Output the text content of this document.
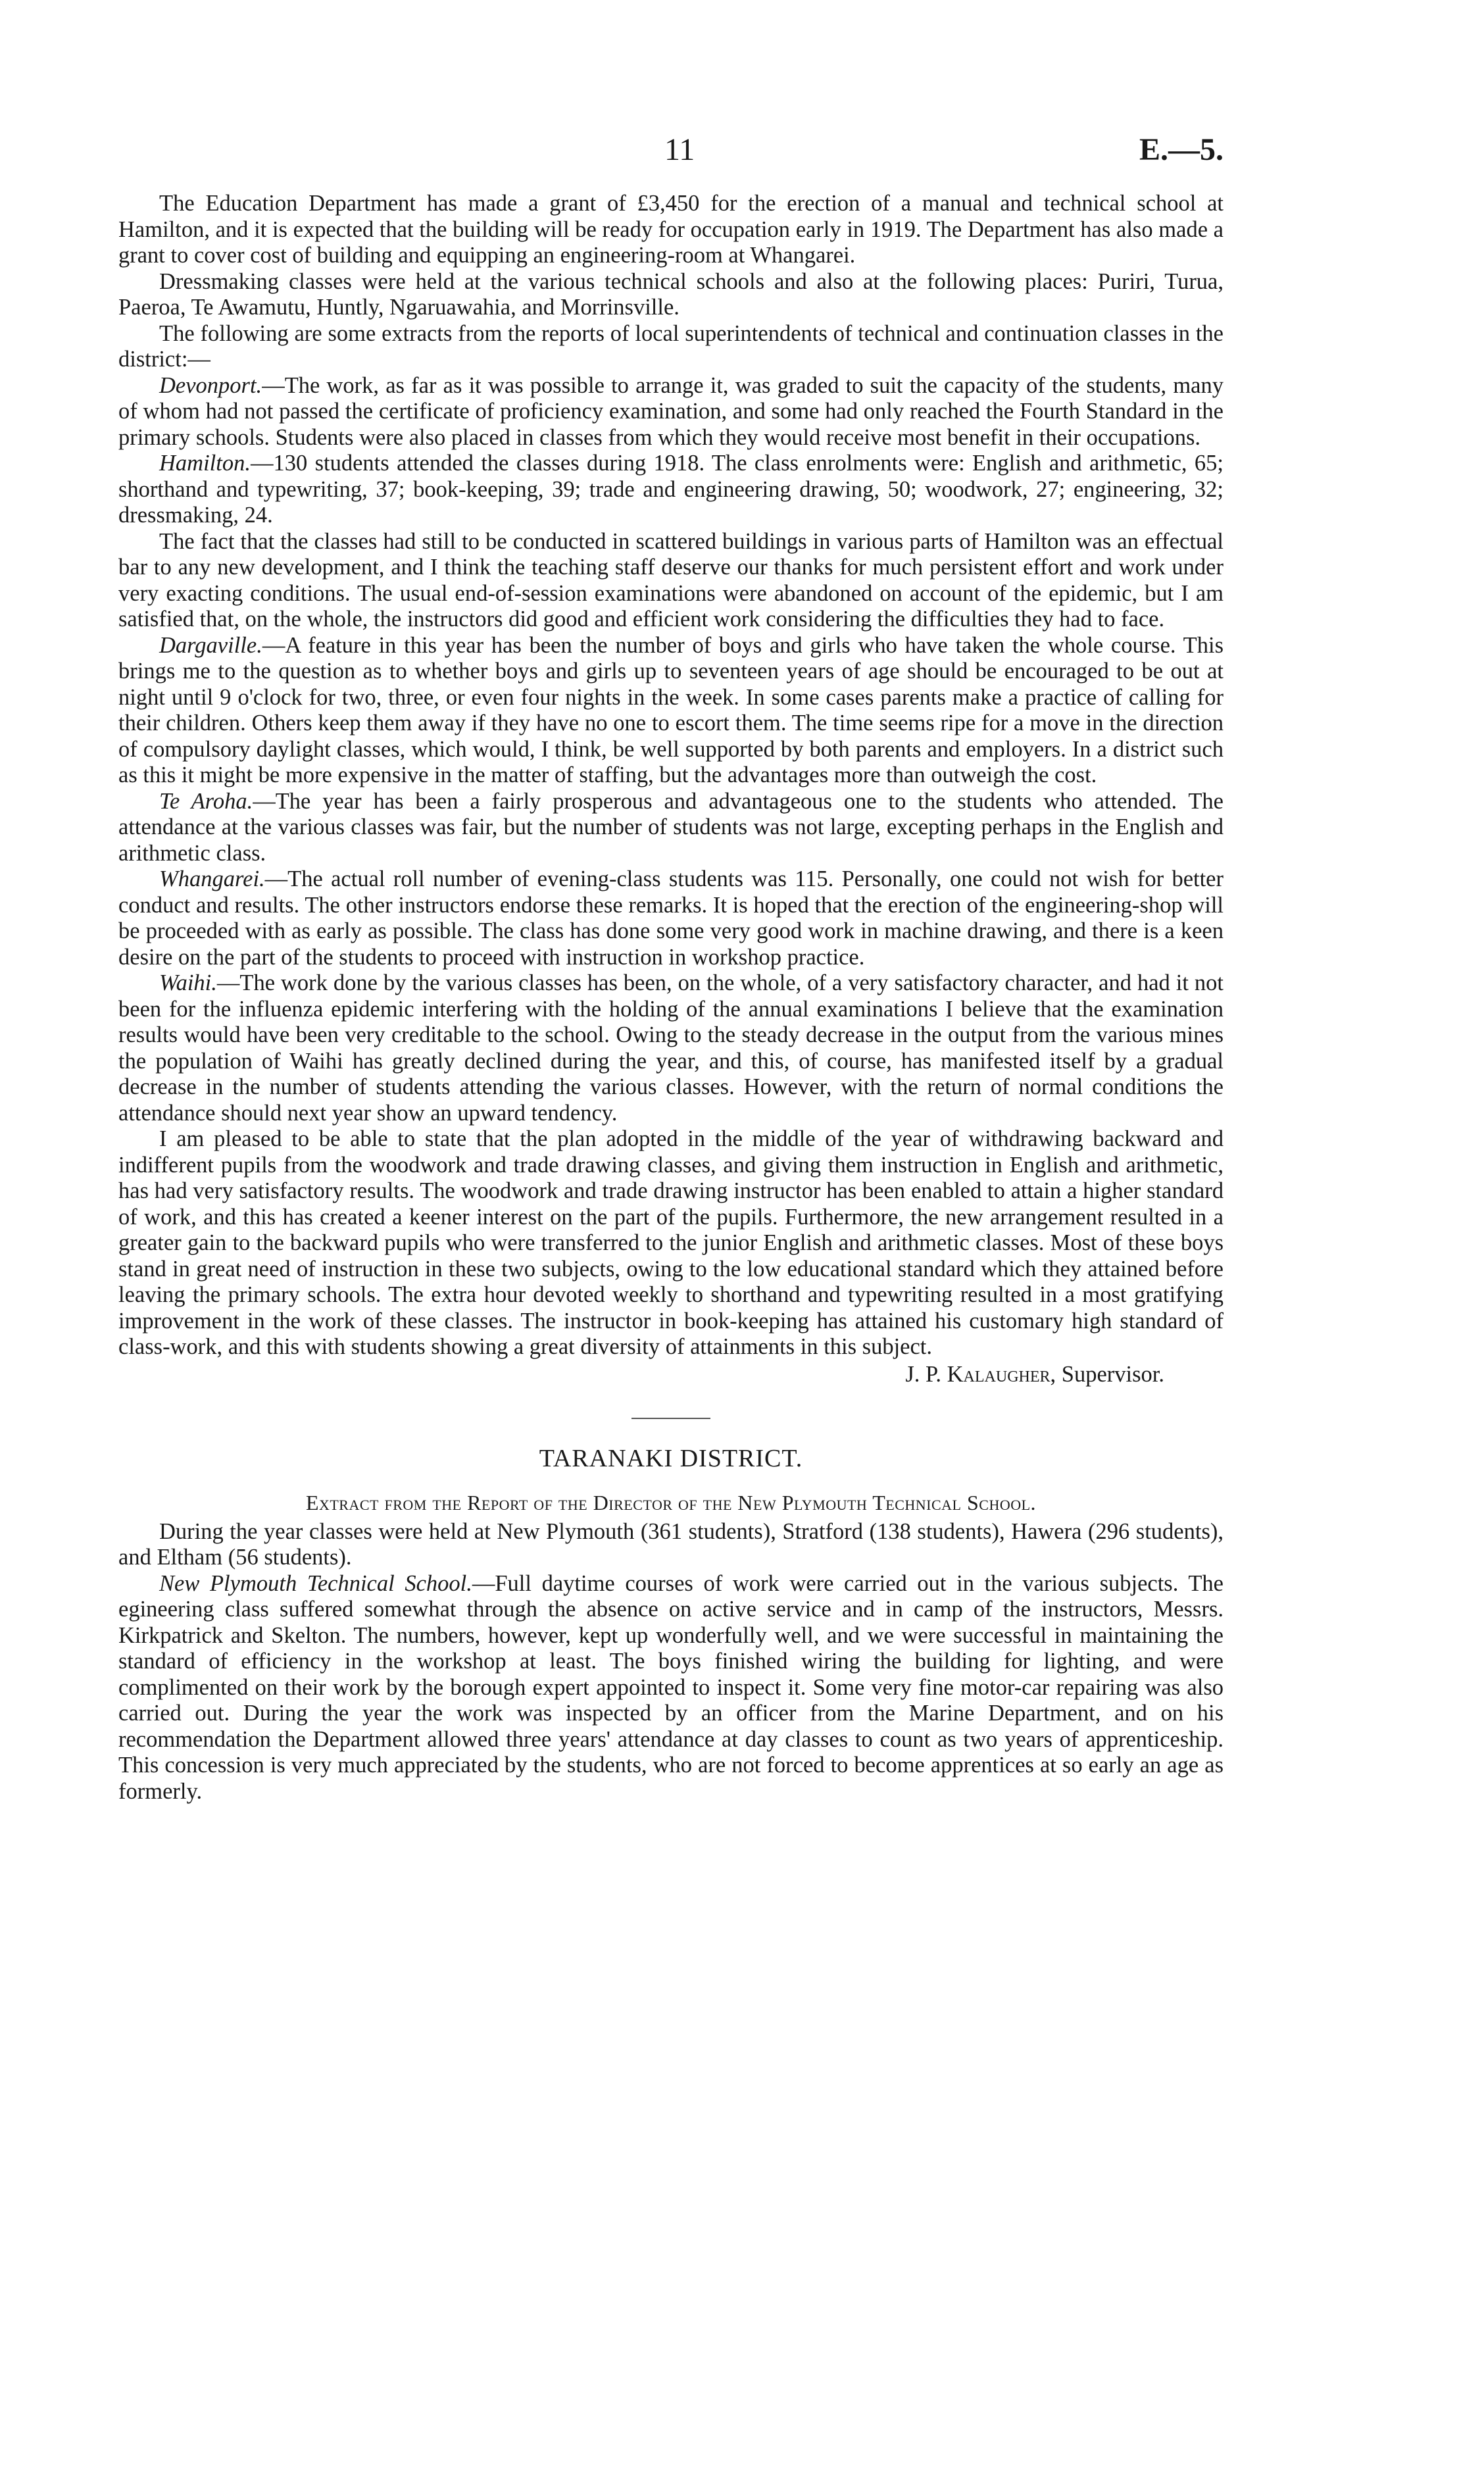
11	E.—5.

The Education Department has made a grant of £3,450 for the erection of a manual and technical school at Hamilton, and it is expected that the building will be ready for occupation early in 1919. The Department has also made a grant to cover cost of building and equipping an engineering-room at Whangarei.

Dressmaking classes were held at the various technical schools and also at the following places: Puriri, Turua, Paeroa, Te Awamutu, Huntly, Ngaruawahia, and Morrinsville.

The following are some extracts from the reports of local superintendents of technical and continuation classes in the district:—

Devonport.—The work, as far as it was possible to arrange it, was graded to suit the capacity of the students, many of whom had not passed the certificate of proficiency examination, and some had only reached the Fourth Standard in the primary schools. Students were also placed in classes from which they would receive most benefit in their occupations.

Hamilton.—130 students attended the classes during 1918. The class enrolments were: English and arithmetic, 65; shorthand and typewriting, 37; book-keeping, 39; trade and engineering drawing, 50; woodwork, 27; engineering, 32; dressmaking, 24.

The fact that the classes had still to be conducted in scattered buildings in various parts of Hamilton was an effectual bar to any new development, and I think the teaching staff deserve our thanks for much persistent effort and work under very exacting conditions. The usual end-of-session examinations were abandoned on account of the epidemic, but I am satisfied that, on the whole, the instructors did good and efficient work considering the difficulties they had to face.

Dargaville.—A feature in this year has been the number of boys and girls who have taken the whole course. This brings me to the question as to whether boys and girls up to seventeen years of age should be encouraged to be out at night until 9 o'clock for two, three, or even four nights in the week. In some cases parents make a practice of calling for their children. Others keep them away if they have no one to escort them. The time seems ripe for a move in the direction of compulsory daylight classes, which would, I think, be well supported by both parents and employers. In a district such as this it might be more expensive in the matter of staffing, but the advantages more than outweigh the cost.

Te Aroha.—The year has been a fairly prosperous and advantageous one to the students who attended. The attendance at the various classes was fair, but the number of students was not large, excepting perhaps in the English and arithmetic class.

Whangarei.—The actual roll number of evening-class students was 115. Personally, one could not wish for better conduct and results. The other instructors endorse these remarks. It is hoped that the erection of the engineering-shop will be proceeded with as early as possible. The class has done some very good work in machine drawing, and there is a keen desire on the part of the students to proceed with instruction in workshop practice.

Waihi.—The work done by the various classes has been, on the whole, of a very satisfactory character, and had it not been for the influenza epidemic interfering with the holding of the annual examinations I believe that the examination results would have been very creditable to the school. Owing to the steady decrease in the output from the various mines the population of Waihi has greatly declined during the year, and this, of course, has manifested itself by a gradual decrease in the number of students attending the various classes. However, with the return of normal conditions the attendance should next year show an upward tendency.

I am pleased to be able to state that the plan adopted in the middle of the year of withdrawing backward and indifferent pupils from the woodwork and trade drawing classes, and giving them instruction in English and arithmetic, has had very satisfactory results. The woodwork and trade drawing instructor has been enabled to attain a higher standard of work, and this has created a keener interest on the part of the pupils. Furthermore, the new arrangement resulted in a greater gain to the backward pupils who were transferred to the junior English and arithmetic classes. Most of these boys stand in great need of instruction in these two subjects, owing to the low educational standard which they attained before leaving the primary schools. The extra hour devoted weekly to shorthand and typewriting resulted in a most gratifying improvement in the work of these classes. The instructor in book-keeping has attained his customary high standard of class-work, and this with students showing a great diversity of attainments in this subject.

J. P. Kalaugher, Supervisor.

TARANAKI DISTRICT.

Extract from the Report of the Director of the New Plymouth Technical School.

During the year classes were held at New Plymouth (361 students), Stratford (138 students), Hawera (296 students), and Eltham (56 students).

New Plymouth Technical School.—Full daytime courses of work were carried out in the various subjects. The egineering class suffered somewhat through the absence on active service and in camp of the instructors, Messrs. Kirkpatrick and Skelton. The numbers, however, kept up wonderfully well, and we were successful in maintaining the standard of efficiency in the workshop at least. The boys finished wiring the building for lighting, and were complimented on their work by the borough expert appointed to inspect it. Some very fine motor-car repairing was also carried out. During the year the work was inspected by an officer from the Marine Department, and on his recommendation the Department allowed three years' attendance at day classes to count as two years of apprenticeship. This concession is very much appreciated by the students, who are not forced to become apprentices at so early an age as formerly.
